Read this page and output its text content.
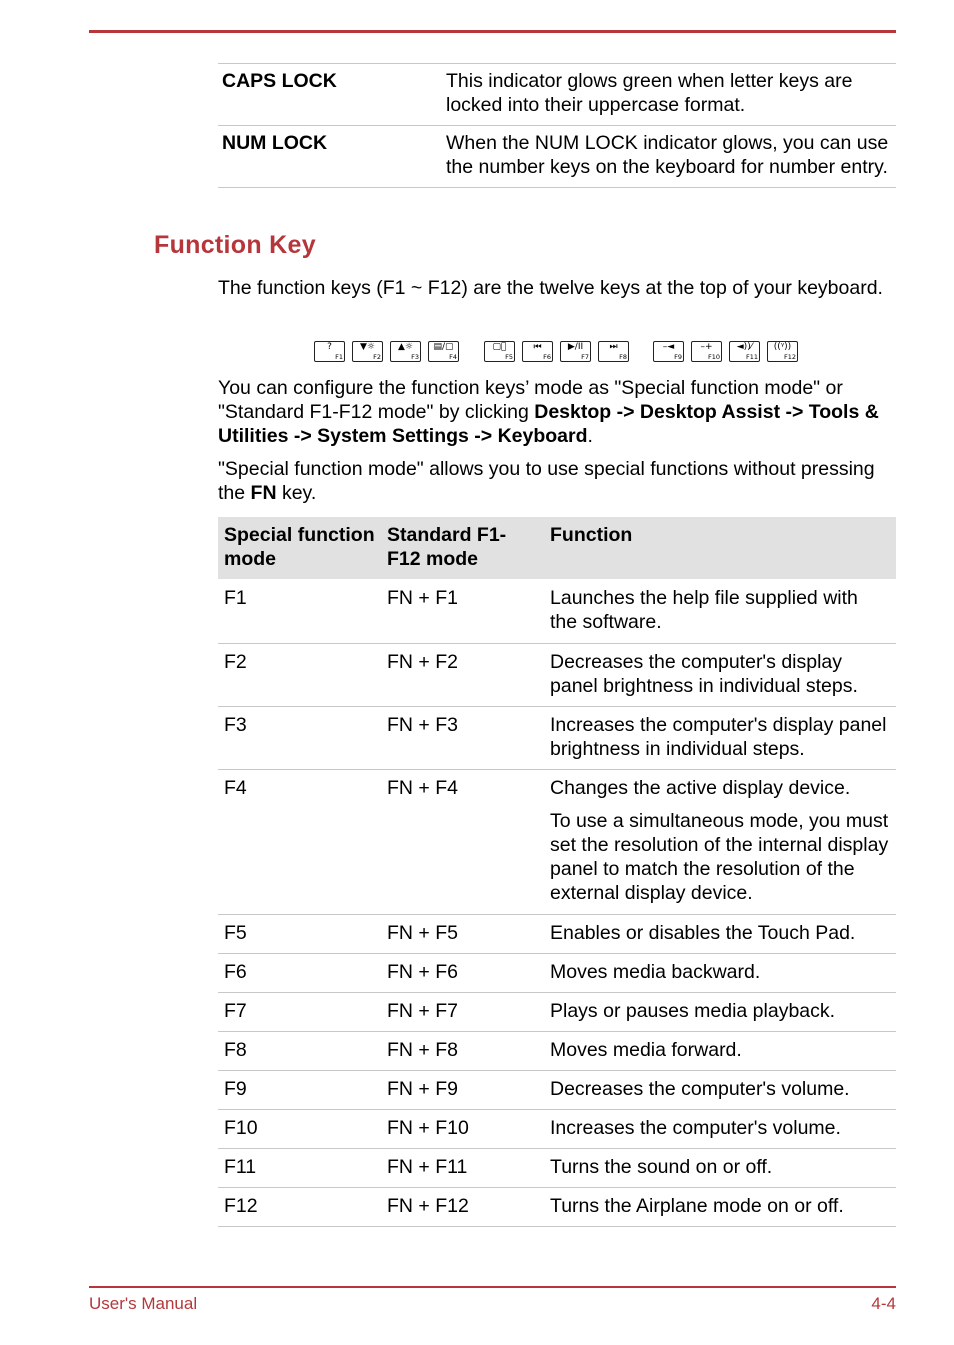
CAPS LOCK	This indicator glows green when letter keys are locked into their uppercase format.
NUM LOCK	When the NUM LOCK indicator glows, you can use the number keys on the keyboard for number entry.
Function Key

The function keys (F1 ~ F12) are the twelve keys at the top of your keyboard.

?
F1
▼☼
F2
▲☼
F3
▤/▢
F4
▢⃠
F5
⏮
F6
▶/II
F7
⏭
F8
–◄
F9
–+
F10
◄))⁄
F11
((ᵞ))
F12

You can configure the function keys’ mode as "Special function mode" or "Standard F1-F12 mode" by clicking Desktop -> Desktop Assist -> Tools & Utilities -> System Settings -> Keyboard.

"Special function mode" allows you to use special functions without pressing the FN key.

Special function mode	Standard F1-F12 mode	Function
F1	FN + F1	Launches the help file supplied with the software.
F2	FN + F2	Decreases the computer's display panel brightness in individual steps.
F3	FN + F3	Increases the computer's display panel brightness in individual steps.
F4	FN + F4	Changes the active display device.
To use a simultaneous mode, you must set the resolution of the internal display panel to match the resolution of the external display device.

F5	FN + F5	Enables or disables the Touch Pad.
F6	FN + F6	Moves media backward.
F7	FN + F7	Plays or pauses media playback.
F8	FN + F8	Moves media forward.
F9	FN + F9	Decreases the computer's volume.
F10	FN + F10	Increases the computer's volume.
F11	FN + F11	Turns the sound on or off.
F12	FN + F12	Turns the Airplane mode on or off.
User's Manual	4-4
